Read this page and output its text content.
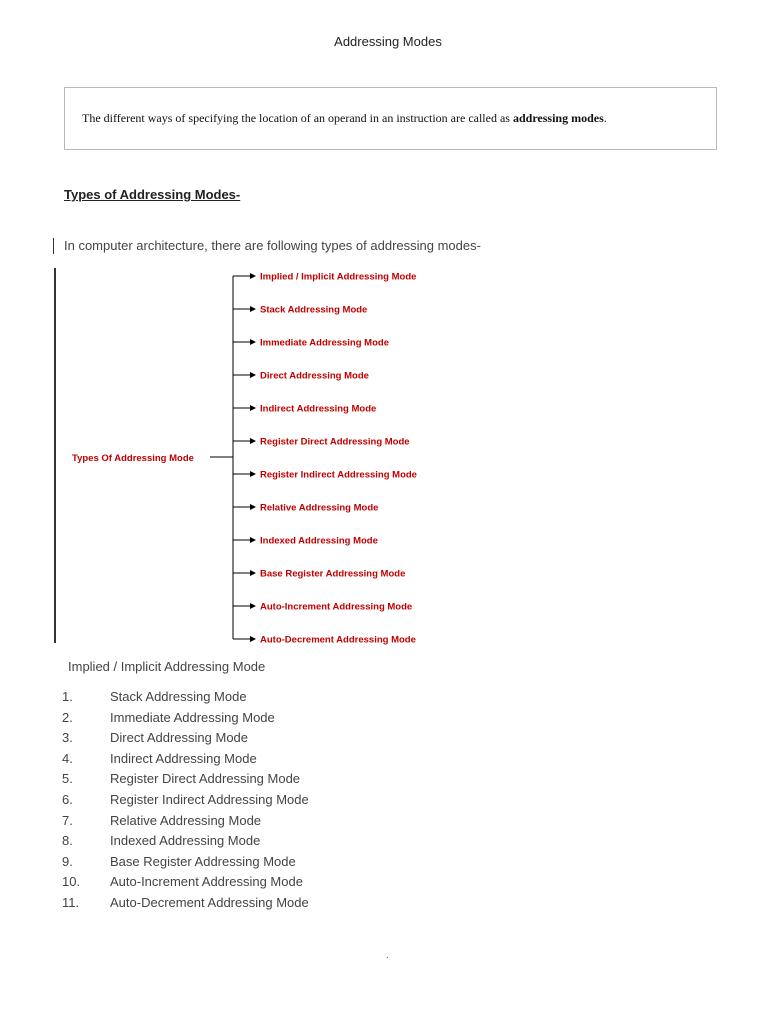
Addressing Modes
The different ways of specifying the location of an operand in an instruction are called as addressing modes.
Types of Addressing Modes-
In computer architecture, there are following types of addressing modes-
Types Of Addressing Mode
Implied / Implicit Addressing Mode
Stack Addressing Mode
Immediate Addressing Mode
Direct Addressing Mode
Indirect Addressing Mode
Register Direct Addressing Mode
Register Indirect Addressing Mode
Relative Addressing Mode
Indexed Addressing Mode
Base Register Addressing Mode
Auto-Increment Addressing Mode
Auto-Decrement Addressing Mode
Implied / Implicit Addressing Mode
1.	Stack Addressing Mode
2.	Immediate Addressing Mode
3.	Direct Addressing Mode
4.	Indirect Addressing Mode
5.	Register Direct Addressing Mode
6.	Register Indirect Addressing Mode
7.	Relative Addressing Mode
8.	Indexed Addressing Mode
9.	Base Register Addressing Mode
10. Auto-Increment Addressing Mode
11. Auto-Decrement Addressing Mode
.
